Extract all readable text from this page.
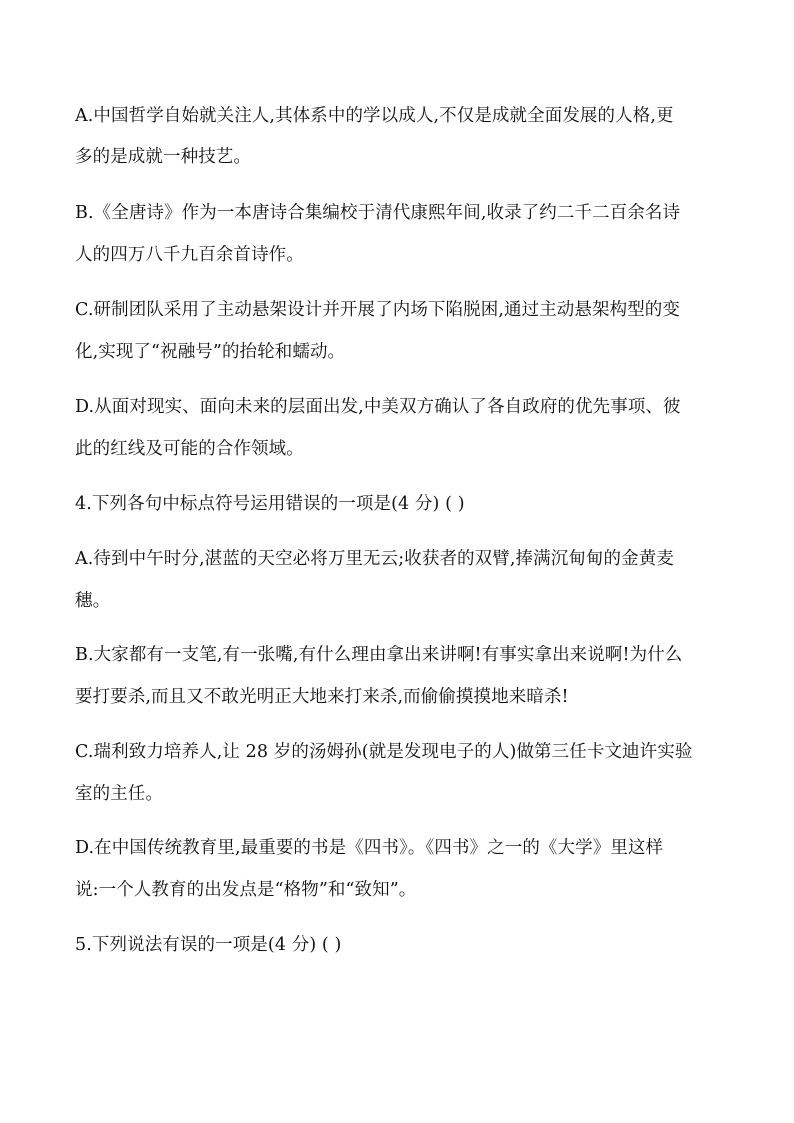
A.中国哲学自始就关注人,其体系中的学以成人,不仅是成就全面发展的人格,更
多的是成就一种技艺。
B.《全唐诗》作为一本唐诗合集编校于清代康熙年间,收录了约二千二百余名诗
人的四万八千九百余首诗作。
C.研制团队采用了主动悬架设计并开展了内场下陷脱困,通过主动悬架构型的变
化,实现了“祝融号”的抬轮和蠕动。
D.从面对现实、面向未来的层面出发,中美双方确认了各自政府的优先事项、彼
此的红线及可能的合作领域。
4.下列各句中标点符号运用错误的一项是(4 分) ( )
A.待到中午时分,湛蓝的天空必将万里无云;收获者的双臂,捧满沉甸甸的金黄麦
穗。
B.大家都有一支笔,有一张嘴,有什么理由拿出来讲啊!有事实拿出来说啊!为什么
要打要杀,而且又不敢光明正大地来打来杀,而偷偷摸摸地来暗杀!
C.瑞利致力培养人,让 28 岁的汤姆孙(就是发现电子的人)做第三任卡文迪许实验
室的主任。
D.在中国传统教育里,最重要的书是《四书》。《四书》之一的《大学》里这样
说:一个人教育的出发点是“格物”和“致知”。
5.下列说法有误的一项是(4 分) ( )
